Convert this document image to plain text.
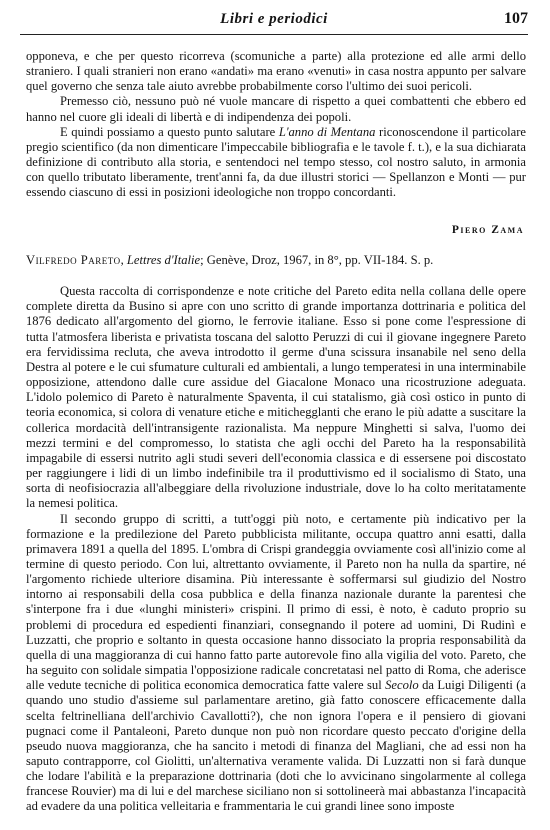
Libri e periodici	107

opponeva, e che per questo ricorreva (scomuniche a parte) alla protezione ed alle armi dello straniero. I quali stranieri non erano «andati» ma erano «venuti» in casa nostra appunto per salvare quel governo che senza tale aiuto avrebbe probabilmente corso l'ultimo dei suoi pericoli.

Premesso ciò, nessuno può né vuole mancare di rispetto a quei combattenti che ebbero ed hanno nel cuore gli ideali di libertà e di indipendenza dei popoli.

E quindi possiamo a questo punto salutare L'anno di Mentana riconoscendone il particolare pregio scientifico (da non dimenticare l'impeccabile bibliografia e le tavole f. t.), e la sua dichiarata definizione di contributo alla storia, e sentendoci nel tempo stesso, col nostro saluto, in armonia con quello tributato liberamente, trent'anni fa, da due illustri storici — Spellanzon e Monti — pur essendo ciascuno di essi in posizioni ideologiche non troppo concordanti.

Piero Zama

Vilfredo Pareto, Lettres d'Italie; Genève, Droz, 1967, in 8°, pp. VII-184. S. p.

Questa raccolta di corrispondenze e note critiche del Pareto edita nella collana delle opere complete diretta da Busino si apre con uno scritto di grande importanza dottrinaria e politica del 1876 dedicato all'argomento del giorno, le ferrovie italiane. Esso si pone come l'espressione di tutta l'atmosfera liberista e privatista toscana del salotto Peruzzi di cui il giovane ingegnere Pareto era fervidissima recluta, che aveva introdotto il germe d'una scissura insanabile nel seno della Destra al potere e le cui sfumature culturali ed ambientali, a lungo temperatesi in una interminabile opposizione, attendono dalle cure assidue del Giacalone Monaco una ricostruzione adeguata. L'idolo polemico di Pareto è naturalmente Spaventa, il cui statalismo, già così ostico in punto di teoria economica, si colora di venature etiche e mitichegglanti che erano le più adatte a suscitare la collerica mordacità dell'intransigente razionalista. Ma neppure Minghetti si salva, l'uomo dei mezzi termini e del compromesso, lo statista che agli occhi del Pareto ha la responsabilità impagabile di essersi nutrito agli studi severi dell'economia classica e di essersene poi discostato per raggiungere i lidi di un limbo indefinibile tra il produttivismo ed il socialismo di Stato, una sorta di neofisiocrazia all'albeggiare della rivoluzione industriale, dove lo ha colto meritatamente la nemesi politica.

Il secondo gruppo di scritti, a tutt'oggi più noto, e certamente più indicativo per la formazione e la predilezione del Pareto pubblicista militante, occupa quattro anni esatti, dalla primavera 1891 a quella del 1895. L'ombra di Crispi grandeggia ovviamente così all'inizio come al termine di questo periodo. Con lui, altrettanto ovviamente, il Pareto non ha nulla da spartire, né l'argomento richiede ulteriore disamina. Più interessante è soffermarsi sul giudizio del Nostro intorno ai responsabili della cosa pubblica e della finanza nazionale durante la parentesi che s'interpone fra i due «lunghi ministeri» crispini. Il primo di essi, è noto, è caduto proprio su problemi di procedura ed espedienti finanziari, consegnando il potere ad uomini, Di Rudinì e Luzzatti, che proprio e soltanto in questa occasione hanno dissociato la propria responsabilità da quella di una maggioranza di cui hanno fatto parte autorevole fino alla vigilia del voto. Pareto, che ha seguito con solidale simpatia l'opposizione radicale concretatasi nel patto di Roma, che aderisce alle vedute tecniche di politica economica democratica fatte valere sul Secolo da Luigi Diligenti (a quando uno studio d'assieme sul parlamentare aretino, già fatto conoscere efficacemente dalla scelta feltrinelliana dell'archivio Cavallotti?), che non ignora l'opera e il pensiero di giovani pugnaci come il Pantaleoni, Pareto dunque non può non ricordare questo peccato d'origine della pseudo nuova maggioranza, che ha sancito i metodi di finanza del Magliani, che ad essi non ha saputo contrapporre, col Giolitti, un'alternativa veramente valida. Di Luzzatti non si farà dunque che lodare l'abilità e la preparazione dottrinaria (doti che lo avvicinano singolarmente al collega francese Rouvier) ma di lui e del marchese siciliano non si sottolineerà mai abbastanza l'incapacità ad evadere da una politica velleitaria e frammentaria le cui grandi linee sono imposte
